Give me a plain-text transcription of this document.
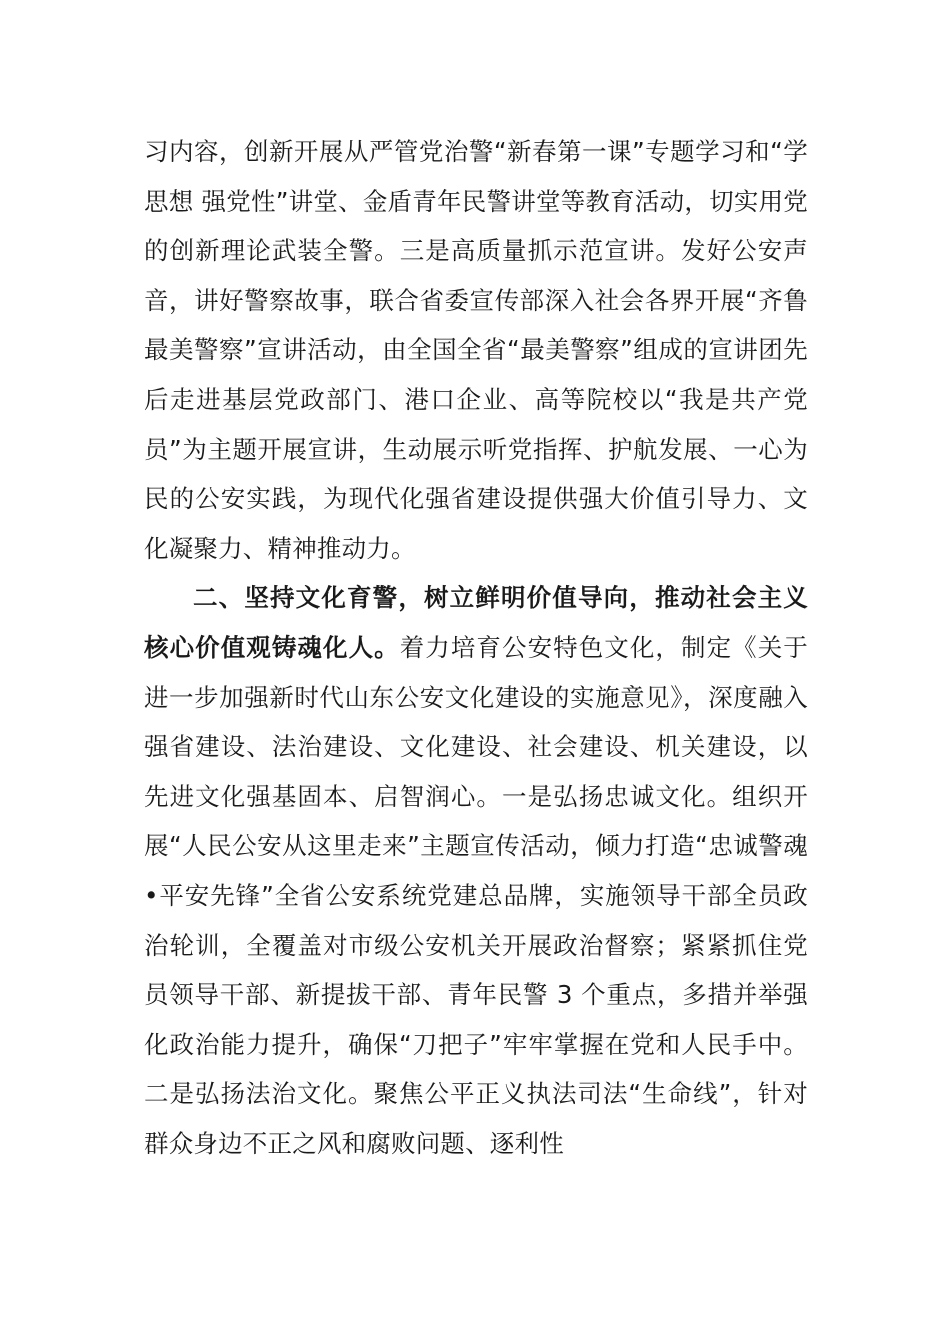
习内容，创新开展从严管党治警“新春第一课”专题学习和“学思想 强党性”讲堂、金盾青年民警讲堂等教育活动，切实用党的创新理论武装全警。三是高质量抓示范宣讲。发好公安声音，讲好警察故事，联合省委宣传部深入社会各界开展“齐鲁最美警察”宣讲活动，由全国全省“最美警察”组成的宣讲团先后走进基层党政部门、港口企业、高等院校以“我是共产党员”为主题开展宣讲，生动展示听党指挥、护航发展、一心为民的公安实践，为现代化强省建设提供强大价值引导力、文化凝聚力、精神推动力。

二、坚持文化育警，树立鲜明价值导向，推动社会主义核心价值观铸魂化人。着力培育公安特色文化，制定《关于进一步加强新时代山东公安文化建设的实施意见》，深度融入强省建设、法治建设、文化建设、社会建设、机关建设，以先进文化强基固本、启智润心。一是弘扬忠诚文化。组织开展“人民公安从这里走来”主题宣传活动，倾力打造“忠诚警魂•平安先锋”全省公安系统党建总品牌，实施领导干部全员政治轮训，全覆盖对市级公安机关开展政治督察；紧紧抓住党员领导干部、新提拔干部、青年民警 3 个重点，多措并举强化政治能力提升，确保“刀把子”牢牢掌握在党和人民手中。二是弘扬法治文化。聚焦公平正义执法司法“生命线”，针对群众身边不正之风和腐败问题、逐利性
